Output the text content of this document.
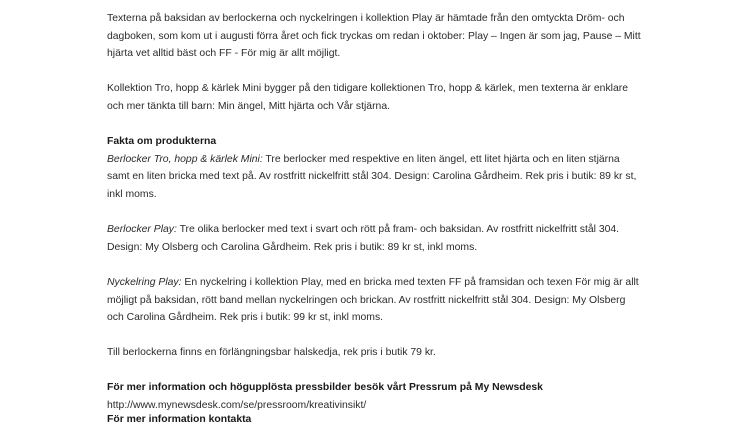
Texterna på baksidan av berlockerna och nyckelringen i kollektion Play är hämtade från den omtyckta Dröm- och dagboken, som kom ut i augusti förra året och fick tryckas om redan i oktober: Play – Ingen är som jag, Pause – Mitt hjärta vet alltid bäst och FF - För mig är allt möjligt.

Kollektion Tro, hopp & kärlek Mini bygger på den tidigare kollektionen Tro, hopp & kärlek, men texterna är enklare och mer tänkta till barn: Min ängel, Mitt hjärta och Vår stjärna.

Fakta om produkterna

Berlocker Tro, hopp & kärlek Mini: Tre berlocker med respektive en liten ängel, ett litet hjärta och en liten stjärna samt en liten bricka med text på. Av rostfritt nickelfritt stål 304. Design: Carolina Gårdheim. Rek pris i butik: 89 kr st, inkl moms.

Berlocker Play: Tre olika berlocker med text i svart och rött på fram- och baksidan. Av rostfritt nickelfritt stål 304. Design: My Olsberg och Carolina Gårdheim. Rek pris i butik: 89 kr st, inkl moms.

Nyckelring Play: En nyckelring i kollektion Play, med en bricka med texten FF på framsidan och texen För mig är allt möjligt på baksidan, rött band mellan nyckelringen och brickan. Av rostfritt nickelfritt stål 304. Design: My Olsberg och Carolina Gårdheim. Rek pris i butik: 99 kr st, inkl moms.

Till berlockerna finns en förlängningsbar halskedja, rek pris i butik 79 kr.

För mer information och högupplösta pressbilder besök vårt Pressrum på My Newsdesk
http://www.mynewsdesk.com/se/pressroom/kreativinsikt/
För mer information kontakta
